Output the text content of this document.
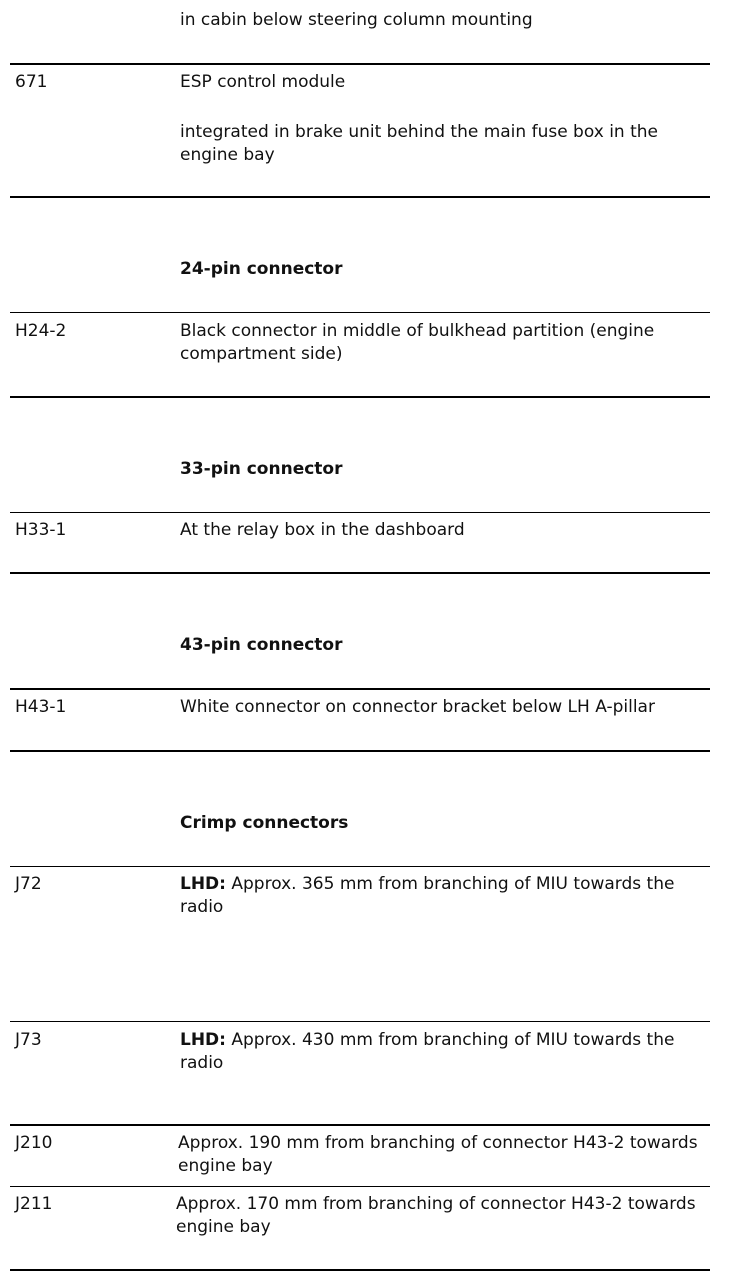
in cabin below steering column mounting
671	ESP control module
integrated in brake unit behind the main fuse box in the engine bay
24-pin connector
H24-2	Black connector in middle of bulkhead partition (engine compartment side)
33-pin connector
H33-1	At the relay box in the dashboard
43-pin connector
H43-1	White connector on connector bracket below LH A-pillar
Crimp connectors
J72	LHD: Approx. 365 mm from branching of MIU towards the radio
J73	LHD: Approx. 430 mm from branching of MIU towards the radio
J210	Approx. 190 mm from branching of connector H43-2 towards engine bay
J211	Approx. 170 mm from branching of connector H43-2 towards engine bay
